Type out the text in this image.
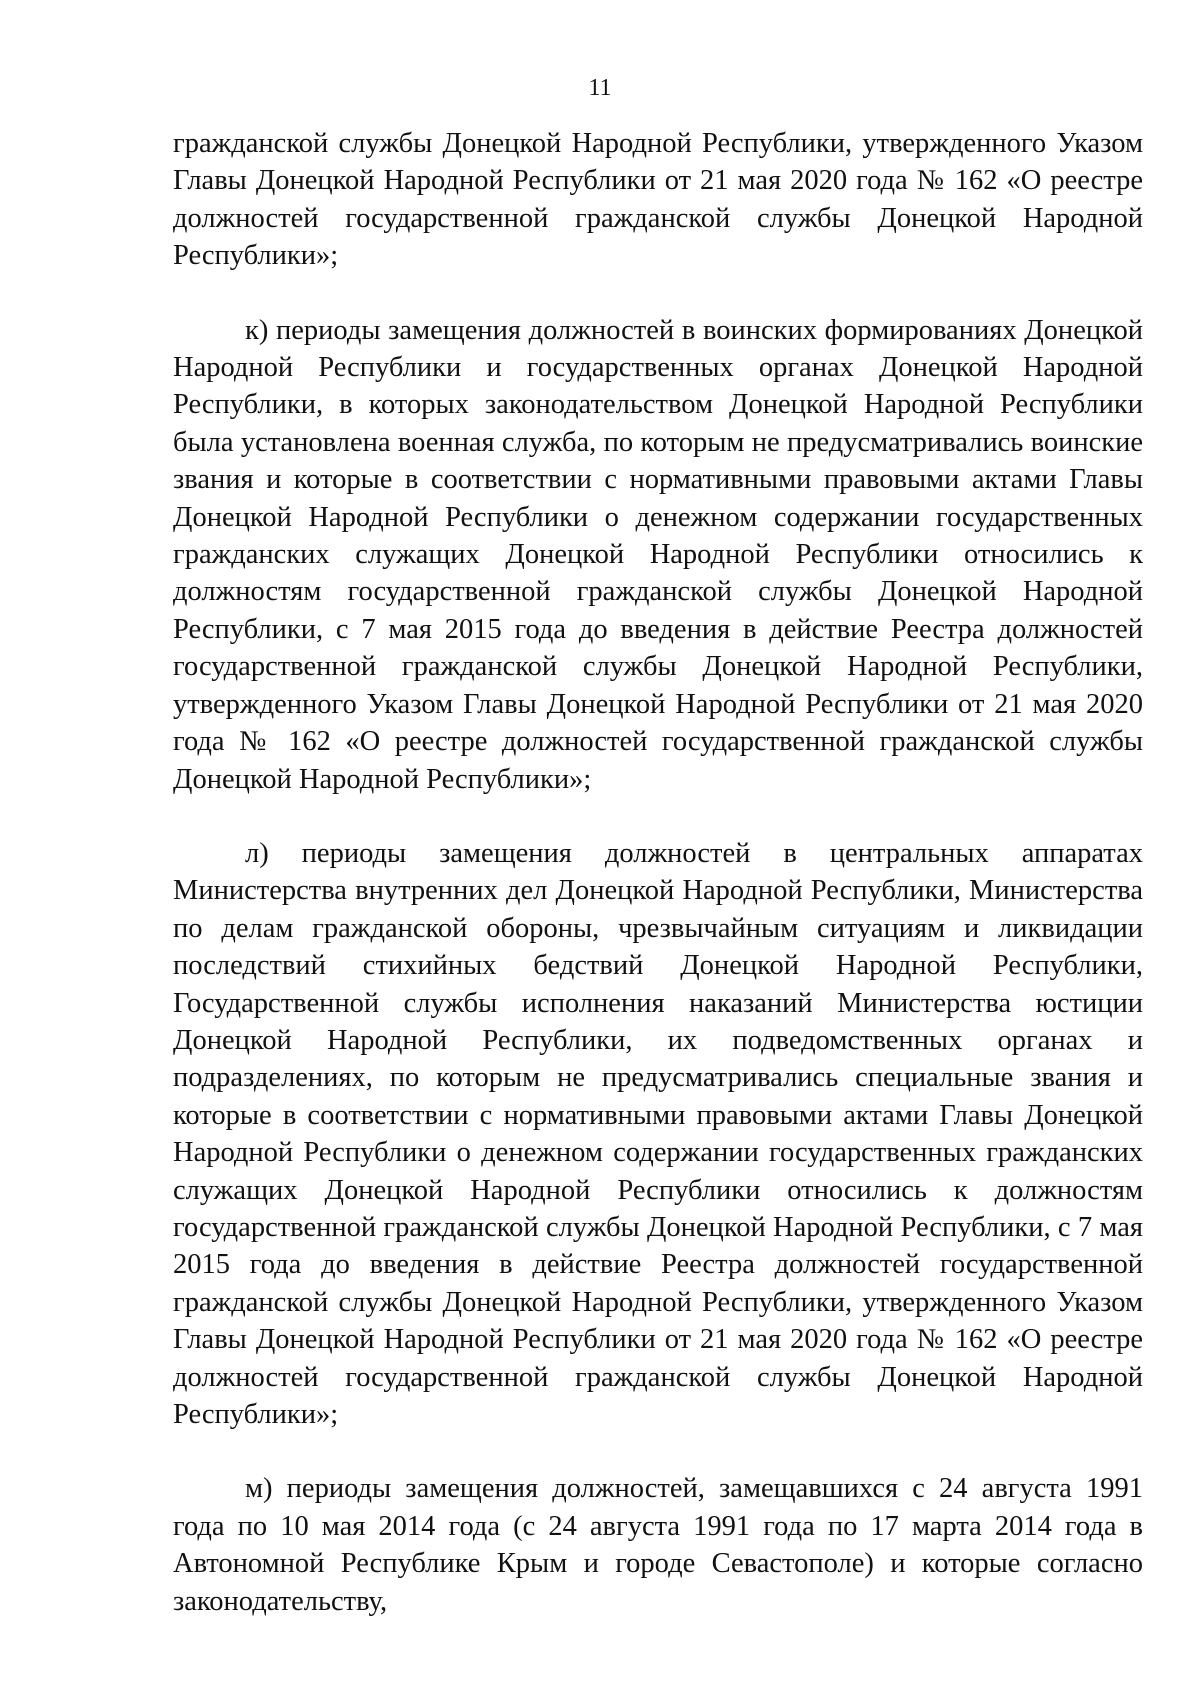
11

гражданской службы Донецкой Народной Республики, утвержденного Указом Главы Донецкой Народной Республики от 21 мая 2020 года № 162 «О реестре должностей государственной гражданской службы Донецкой Народной Республики»;

к) периоды замещения должностей в воинских формированиях Донецкой Народной Республики и государственных органах Донецкой Народной Республики, в которых законодательством Донецкой Народной Республики была установлена военная служба, по которым не предусматривались воинские звания и которые в соответствии с нормативными правовыми актами Главы Донецкой Народной Республики о денежном содержании государственных гражданских служащих Донецкой Народной Республики относились к должностям государственной гражданской службы Донецкой Народной Республики, с 7 мая 2015 года до введения в действие Реестра должностей государственной гражданской службы Донецкой Народной Республики, утвержденного Указом Главы Донецкой Народной Республики от 21 мая 2020 года № 162 «О реестре должностей государственной гражданской службы Донецкой Народной Республики»;

л) периоды замещения должностей в центральных аппаратах Министерства внутренних дел Донецкой Народной Республики, Министерства по делам гражданской обороны, чрезвычайным ситуациям и ликвидации последствий стихийных бедствий Донецкой Народной Республики, Государственной службы исполнения наказаний Министерства юстиции Донецкой Народной Республики, их подведомственных органах и подразделениях, по которым не предусматривались специальные звания и которые в соответствии с нормативными правовыми актами Главы Донецкой Народной Республики о денежном содержании государственных гражданских служащих Донецкой Народной Республики относились к должностям государственной гражданской службы Донецкой Народной Республики, с 7 мая 2015 года до введения в действие Реестра должностей государственной гражданской службы Донецкой Народной Республики, утвержденного Указом Главы Донецкой Народной Республики от 21 мая 2020 года № 162 «О реестре должностей государственной гражданской службы Донецкой Народной Республики»;

м) периоды замещения должностей, замещавшихся с 24 августа 1991 года по 10 мая 2014 года (с 24 августа 1991 года по 17 марта 2014 года в Автономной Республике Крым и городе Севастополе) и которые согласно законодательству,
